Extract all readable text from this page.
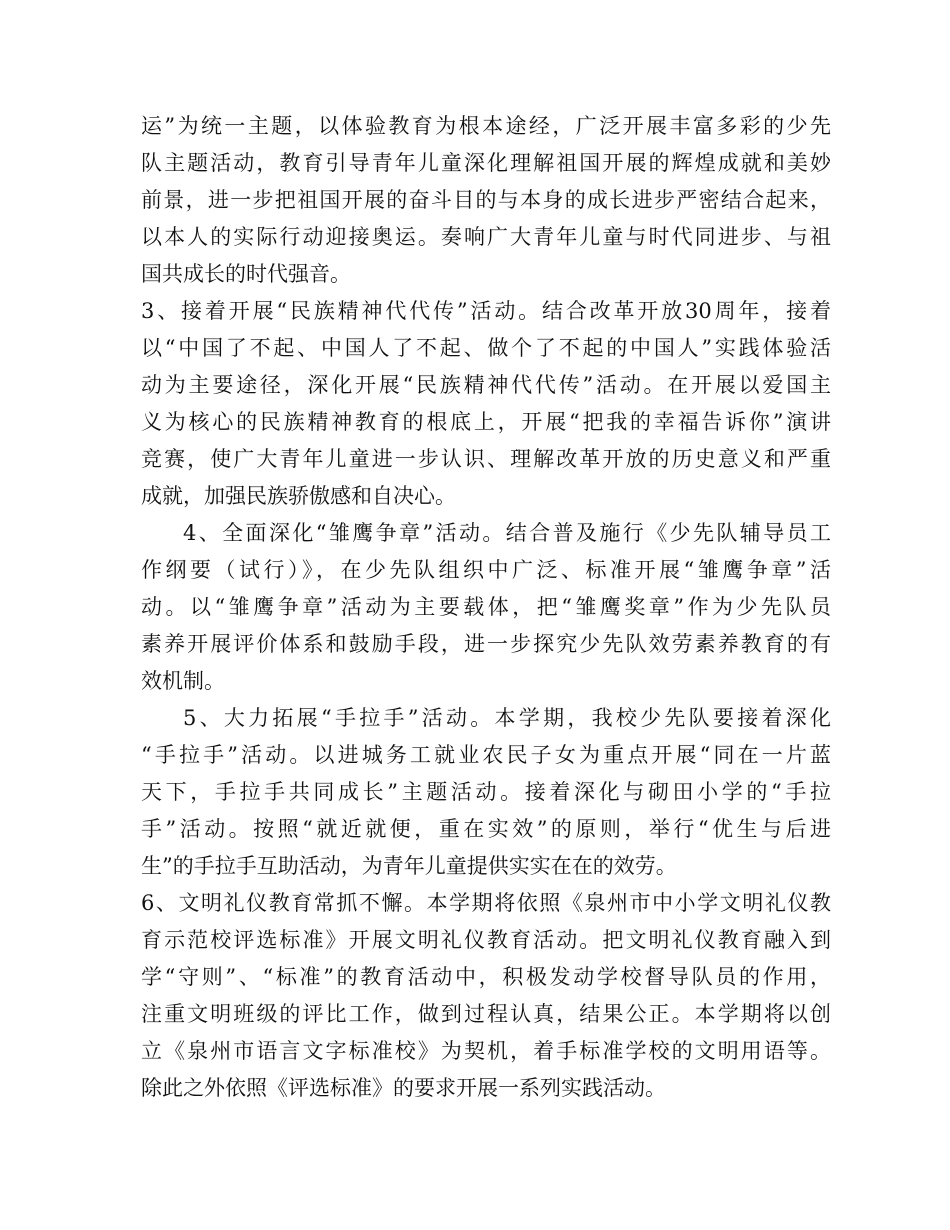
运”为统一主题，以体验教育为根本途经，广泛开展丰富多彩的少先
队主题活动，教育引导青年儿童深化理解祖国开展的辉煌成就和美妙
前景，进一步把祖国开展的奋斗目的与本身的成长进步严密结合起来，
以本人的实际行动迎接奥运。奏响广大青年儿童与时代同进步、与祖
国共成长的时代强音。
3、接着开展“民族精神代代传”活动。结合改革开放30周年，接着
以“中国了不起、中国人了不起、做个了不起的中国人”实践体验活
动为主要途径，深化开展“民族精神代代传”活动。在开展以爱国主
义为核心的民族精神教育的根底上，开展“把我的幸福告诉你”演讲
竞赛，使广大青年儿童进一步认识、理解改革开放的历史意义和严重
成就，加强民族骄傲感和自决心。
4、全面深化“雏鹰争章”活动。结合普及施行《少先队辅导员工
作纲要（试行）》，在少先队组织中广泛、标准开展“雏鹰争章”活
动。以“雏鹰争章”活动为主要载体，把“雏鹰奖章”作为少先队员
素养开展评价体系和鼓励手段，进一步探究少先队效劳素养教育的有
效机制。
5、大力拓展“手拉手”活动。本学期，我校少先队要接着深化
“手拉手”活动。以进城务工就业农民子女为重点开展“同在一片蓝
天下，手拉手共同成长”主题活动。接着深化与砌田小学的“手拉
手”活动。按照“就近就便，重在实效”的原则，举行“优生与后进
生”的手拉手互助活动，为青年儿童提供实实在在的效劳。
6、文明礼仪教育常抓不懈。本学期将依照《泉州市中小学文明礼仪教
育示范校评选标准》开展文明礼仪教育活动。把文明礼仪教育融入到
学“守则”、“标准”的教育活动中，积极发动学校督导队员的作用，
注重文明班级的评比工作，做到过程认真，结果公正。本学期将以创
立《泉州市语言文字标准校》为契机，着手标准学校的文明用语等。
除此之外依照《评选标准》的要求开展一系列实践活动。
